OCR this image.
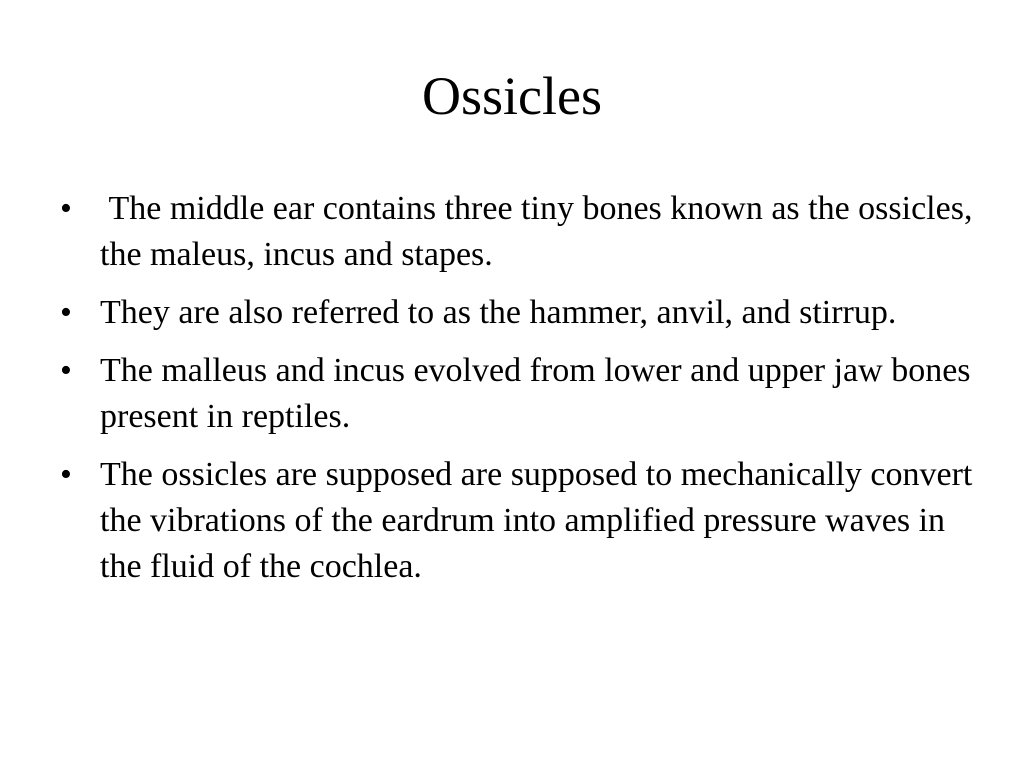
Ossicles
• The middle ear contains three tiny bones known as the ossicles, the maleus, incus and stapes.
• They are also referred to as the hammer, anvil, and stirrup.
• The malleus and incus evolved from lower and upper jaw bones present in reptiles.
• The ossicles are supposed are supposed to mechanically convert the vibrations of the eardrum into amplified pressure waves in the fluid of the cochlea.
